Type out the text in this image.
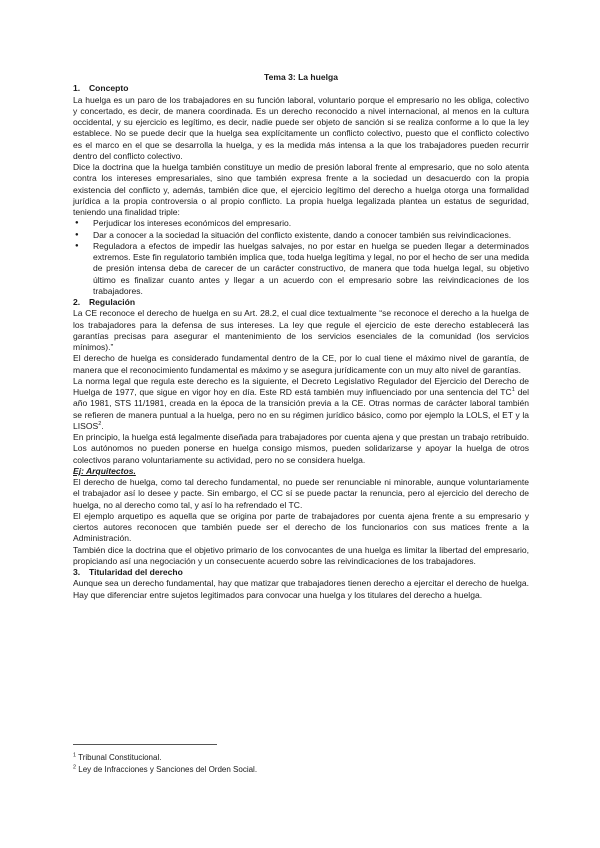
Tema 3: La huelga

1. Concepto

La huelga es un paro de los trabajadores en su función laboral, voluntario porque el empresario no les obliga, colectivo y concertado, es decir, de manera coordinada. Es un derecho reconocido a nivel internacional, al menos en la cultura occidental, y su ejercicio es legítimo, es decir, nadie puede ser objeto de sanción si se realiza conforme a lo que la ley establece. No se puede decir que la huelga sea explícitamente un conflicto colectivo, puesto que el conflicto colectivo es el marco en el que se desarrolla la huelga, y es la medida más intensa a la que los trabajadores pueden recurrir dentro del conflicto colectivo.

Dice la doctrina que la huelga también constituye un medio de presión laboral frente al empresario, que no solo atenta contra los intereses empresariales, sino que también expresa frente a la sociedad un desacuerdo con la propia existencia del conflicto y, además, también dice que, el ejercicio legítimo del derecho a huelga otorga una formalidad jurídica a la propia controversia o al propio conflicto. La propia huelga legalizada plantea un estatus de seguridad, teniendo una finalidad triple:

● Perjudicar los intereses económicos del empresario.
● Dar a conocer a la sociedad la situación del conflicto existente, dando a conocer también sus reivindicaciones.
● Reguladora a efectos de impedir las huelgas salvajes, no por estar en huelga se pueden llegar a determinados extremos. Este fin regulatorio también implica que, toda huelga legítima y legal, no por el hecho de ser una medida de presión intensa deba de carecer de un carácter constructivo, de manera que toda huelga legal, su objetivo último es finalizar cuanto antes y llegar a un acuerdo con el empresario sobre las reivindicaciones de los trabajadores.
2. Regulación

La CE reconoce el derecho de huelga en su Art. 28.2, el cual dice textualmente “se reconoce el derecho a la huelga de los trabajadores para la defensa de sus intereses. La ley que regule el ejercicio de este derecho establecerá las garantías precisas para asegurar el mantenimiento de los servicios esenciales de la comunidad (los servicios mínimos).”

El derecho de huelga es considerado fundamental dentro de la CE, por lo cual tiene el máximo nivel de garantía, de manera que el reconocimiento fundamental es máximo y se asegura jurídicamente con un muy alto nivel de garantías.

La norma legal que regula este derecho es la siguiente, el Decreto Legislativo Regulador del Ejercicio del Derecho de Huelga de 1977, que sigue en vigor hoy en día. Este RD está también muy influenciado por una sentencia del $TC^1$ del año 1981, STS 11/1981, creada en la época de la transición previa a la CE. Otras normas de carácter laboral también se refieren de manera puntual a la huelga, pero no en su régimen jurídico básico, como por ejemplo la LOLS, el ET y la LISOS$^2$.

En principio, la huelga está legalmente diseñada para trabajadores por cuenta ajena y que prestan un trabajo retribuido. Los autónomos no pueden ponerse en huelga consigo mismos, pueden solidarizarse y apoyar la huelga de otros colectivos parano voluntariamente su actividad, pero no se considera huelga.

Ej: Arquitectos.

El derecho de huelga, como tal derecho fundamental, no puede ser renunciable ni minorable, aunque voluntariamente el trabajador así lo desee y pacte. Sin embargo, el CC sí se puede pactar la renuncia, pero al ejercicio del derecho de huelga, no al derecho como tal, y así lo ha refrendado el TC.

El ejemplo arquetipo es aquella que se origina por parte de trabajadores por cuenta ajena frente a su empresario y ciertos autores reconocen que también puede ser el derecho de los funcionarios con sus matices frente a la Administración.

También dice la doctrina que el objetivo primario de los convocantes de una huelga es limitar la libertad del empresario, propiciando así una negociación y un consecuente acuerdo sobre las reivindicaciones de los trabajadores.

3. Titularidad del derecho

Aunque sea un derecho fundamental, hay que matizar que trabajadores tienen derecho a ejercitar el derecho de huelga. Hay que diferenciar entre sujetos legitimados para convocar una huelga y los titulares del derecho a huelga.

$^1$ Tribunal Constitucional.
$^2$ Ley de Infracciones y Sanciones del Orden Social.
